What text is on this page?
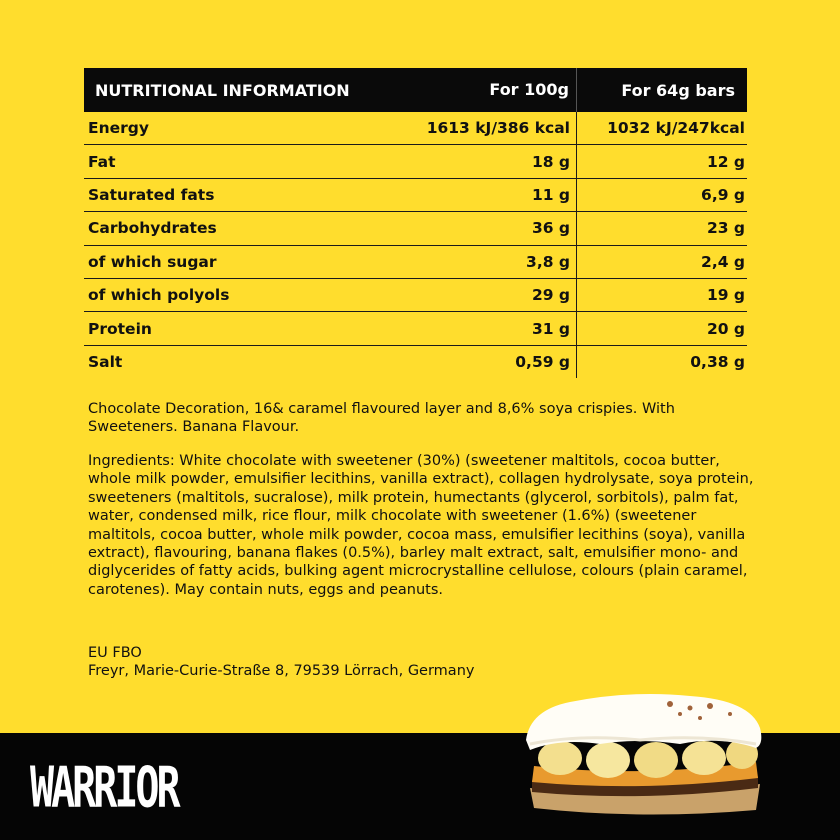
NUTRITIONAL INFORMATION	For 100g	For 64g bars
Energy	1613 kJ/386 kcal	1032 kJ/247kcal
Fat	18 g	12 g
Saturated fats	11 g	6,9 g
Carbohydrates	36 g	23 g
of which sugar	3,8 g	2,4 g
of which polyols	29 g	19 g
Protein	31 g	20 g
Salt	0,59 g	0,38 g
Chocolate Decoration, 16& caramel flavoured layer and 8,6% soya crispies. With Sweeteners. Banana Flavour.
Ingredients: White chocolate with sweetener (30%) (sweetener maltitols, cocoa butter, whole milk powder, emulsifier lecithins, vanilla extract), collagen hydrolysate, soya protein, sweeteners (maltitols, sucralose), milk protein, humectants (glycerol, sorbitols), palm fat, water, condensed milk, rice flour, milk chocolate with sweetener (1.6%) (sweetener maltitols, cocoa butter, whole milk powder, cocoa mass, emulsifier lecithins (soya), vanilla extract), flavouring, banana flakes (0.5%), barley malt extract, salt, emulsifier mono- and diglycerides of fatty acids, bulking agent microcrystalline cellulose, colours (plain caramel, carotenes). May contain nuts, eggs and peanuts.
EU FBO
Freyr, Marie-Curie-Straße 8, 79539 Lörrach, Germany
WARRIOR
